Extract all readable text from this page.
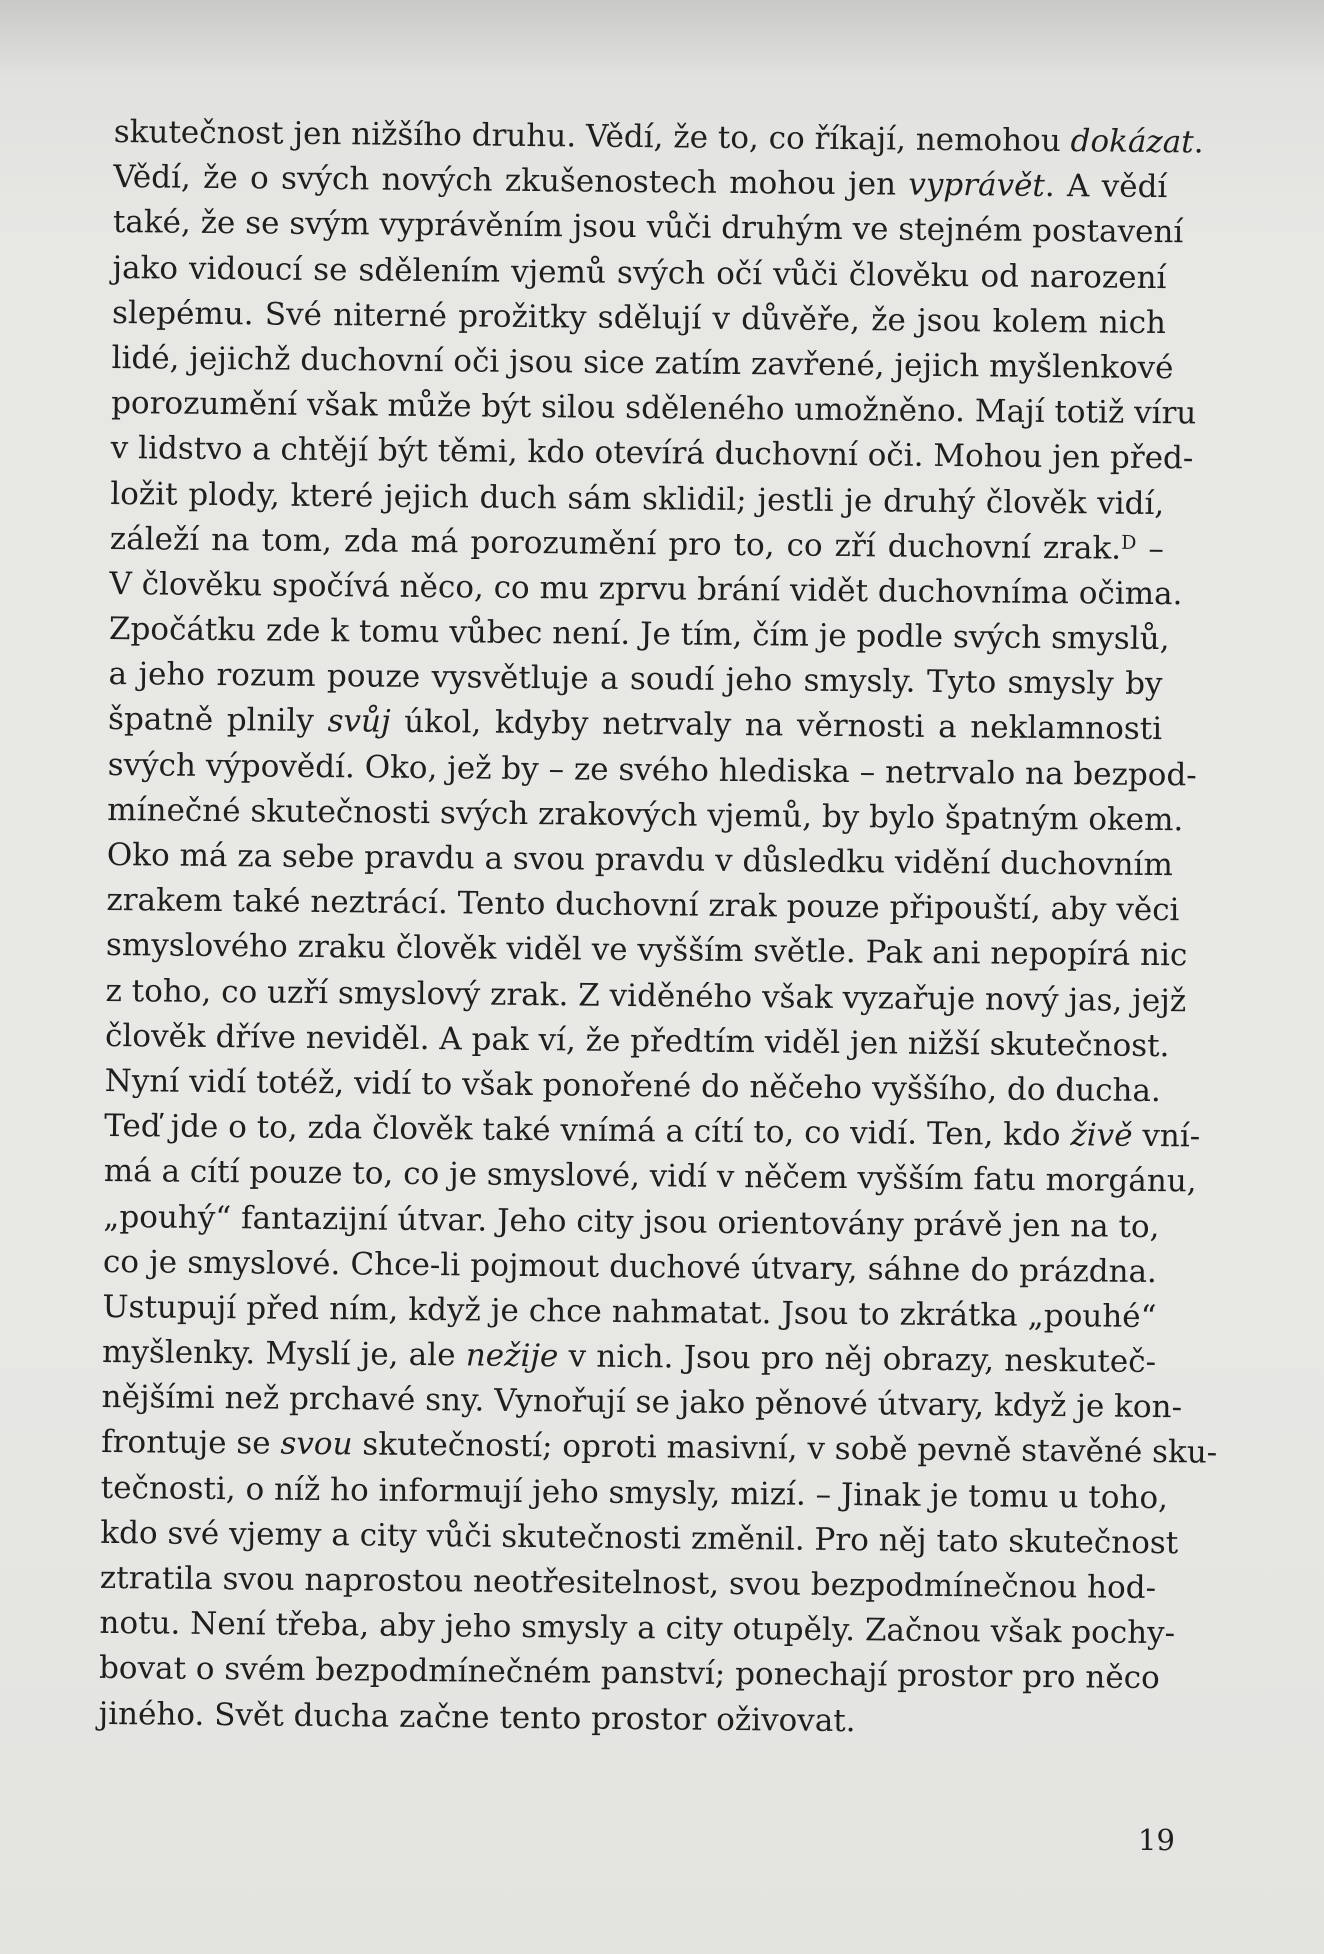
skutečnost jen nižšího druhu. Vědí, že to, co říkají, nemohou dokázat.
Vědí, že o svých nových zkušenostech mohou jen vyprávět. A vědí
také, že se svým vyprávěním jsou vůči druhým ve stejném postavení
jako vidoucí se sdělením vjemů svých očí vůči člověku od narození
slepému. Své niterné prožitky sdělují v důvěře, že jsou kolem nich
lidé, jejichž duchovní oči jsou sice zatím zavřené, jejich myšlenkové
porozumění však může být silou sděleného umožněno. Mají totiž víru
v lidstvo a chtějí být těmi, kdo otevírá duchovní oči. Mohou jen před-
ložit plody, které jejich duch sám sklidil; jestli je druhý člověk vidí,
záleží na tom, zda má porozumění pro to, co zří duchovní zrak.$^D$ –
V člověku spočívá něco, co mu zprvu brání vidět duchovníma očima.
Zpočátku zde k tomu vůbec není. Je tím, čím je podle svých smyslů,
a jeho rozum pouze vysvětluje a soudí jeho smysly. Tyto smysly by
špatně plnily svůj úkol, kdyby netrvaly na věrnosti a neklamnosti
svých výpovědí. Oko, jež by – ze svého hlediska – netrvalo na bezpod-
mínečné skutečnosti svých zrakových vjemů, by bylo špatným okem.
Oko má za sebe pravdu a svou pravdu v důsledku vidění duchovním
zrakem také neztrácí. Tento duchovní zrak pouze připouští, aby věci
smyslového zraku člověk viděl ve vyšším světle. Pak ani nepopírá nic
z toho, co uzří smyslový zrak. Z viděného však vyzařuje nový jas, jejž
člověk dříve neviděl. A pak ví, že předtím viděl jen nižší skutečnost.
Nyní vidí totéž, vidí to však ponořené do něčeho vyššího, do ducha.
Teď jde o to, zda člověk také vnímá a cítí to, co vidí. Ten, kdo živě vní-
má a cítí pouze to, co je smyslové, vidí v něčem vyšším fatu morgánu,
„pouhý“ fantazijní útvar. Jeho city jsou orientovány právě jen na to,
co je smyslové. Chce-li pojmout duchové útvary, sáhne do prázdna.
Ustupují před ním, když je chce nahmatat. Jsou to zkrátka „pouhé“
myšlenky. Myslí je, ale nežije v nich. Jsou pro něj obrazy, neskuteč-
nějšími než prchavé sny. Vynořují se jako pěnové útvary, když je kon-
frontuje se svou skutečností; oproti masivní, v sobě pevně stavěné sku-
tečnosti, o níž ho informují jeho smysly, mizí. – Jinak je tomu u toho,
kdo své vjemy a city vůči skutečnosti změnil. Pro něj tato skutečnost
ztratila svou naprostou neotřesitelnost, svou bezpodmínečnou hod-
notu. Není třeba, aby jeho smysly a city otupěly. Začnou však pochy-
bovat o svém bezpodmínečném panství; ponechají prostor pro něco
jiného. Svět ducha začne tento prostor oživovat.
19
